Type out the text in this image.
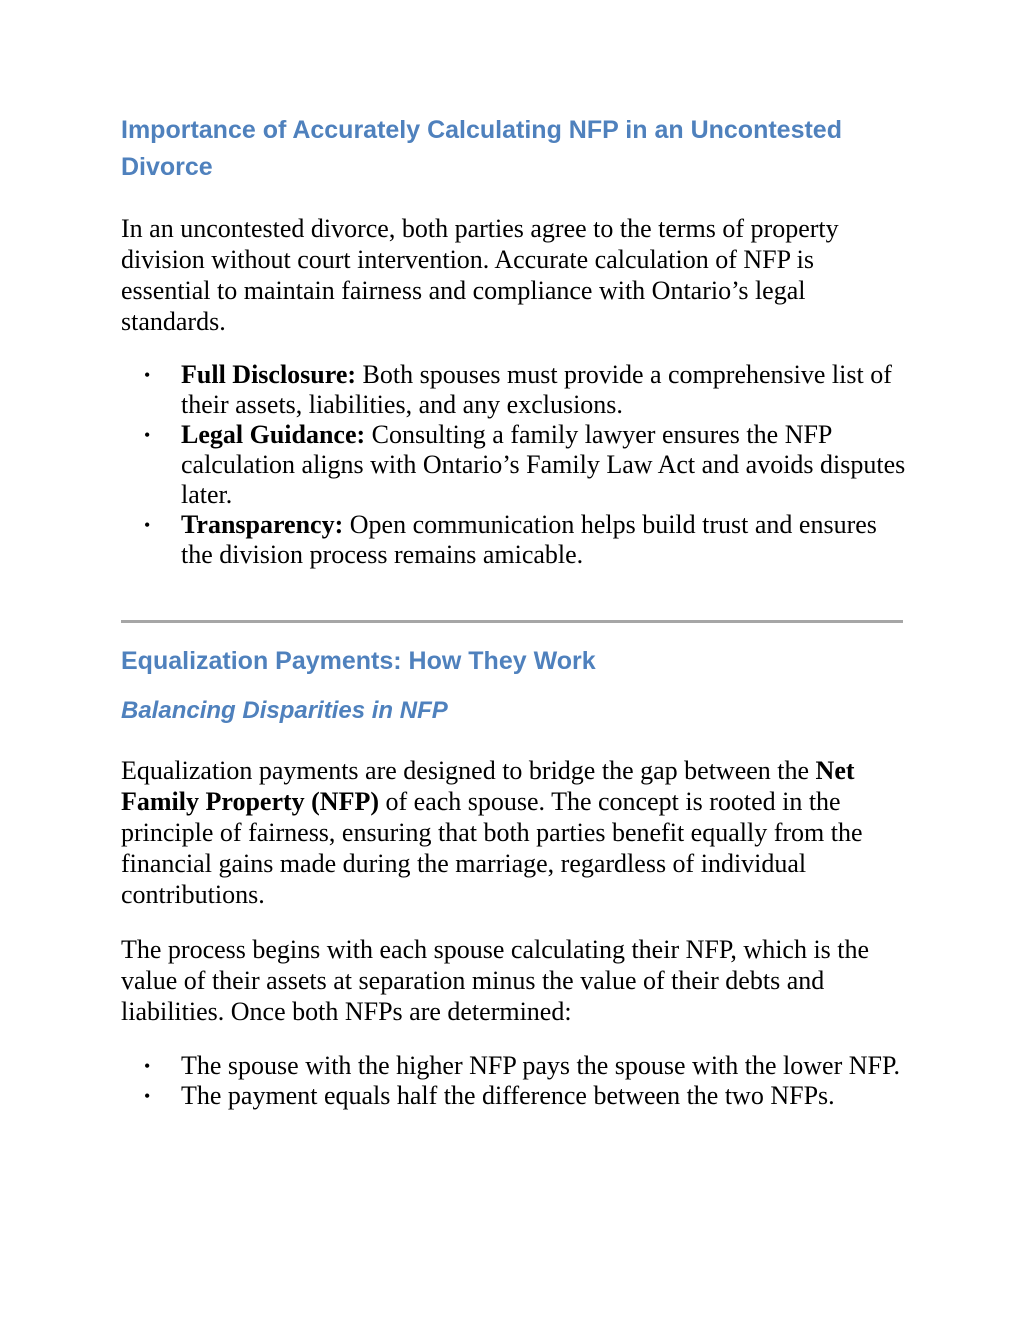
Importance of Accurately Calculating NFP in an Uncontested
Divorce

In an uncontested divorce, both parties agree to the terms of property division without court intervention. Accurate calculation of NFP is essential to maintain fairness and compliance with Ontario’s legal standards.

• Full Disclosure: Both spouses must provide a comprehensive list of their assets, liabilities, and any exclusions.
• Legal Guidance: Consulting a family lawyer ensures the NFP calculation aligns with Ontario’s Family Law Act and avoids disputes later.
• Transparency: Open communication helps build trust and ensures the division process remains amicable.
Equalization Payments: How They Work
Balancing Disparities in NFP

Equalization payments are designed to bridge the gap between the Net Family Property (NFP) of each spouse. The concept is rooted in the principle of fairness, ensuring that both parties benefit equally from the financial gains made during the marriage, regardless of individual contributions.

The process begins with each spouse calculating their NFP, which is the value of their assets at separation minus the value of their debts and liabilities. Once both NFPs are determined:

• The spouse with the higher NFP pays the spouse with the lower NFP.
• The payment equals half the difference between the two NFPs.
